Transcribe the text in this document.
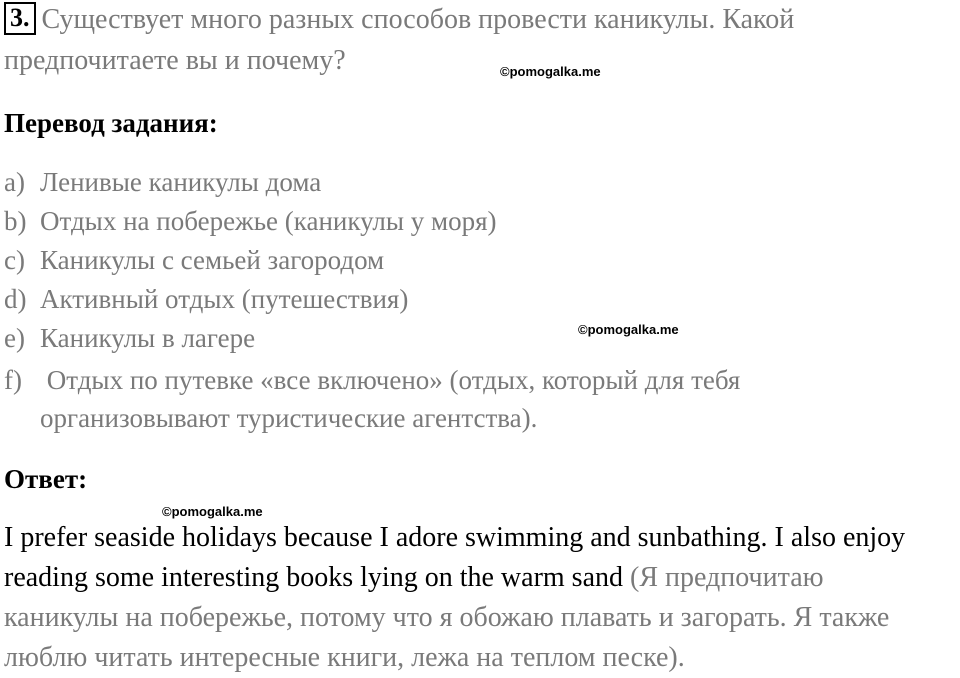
3. Существует много разных способов провести каникулы. Какой
предпочитаете вы и почему?	©pomogalka.me
Перевод задания:
a) Ленивые каникулы дома
b) Отдых на побережье (каникулы у моря)
c) Каникулы с семьей загородом
d) Активный отдых (путешествия)
e) Каникулы в лагере	©pomogalka.me
f) Отдых по путевке «все включено» (отдых, который для тебя
организовывают туристические агентства).
Ответ:
©pomogalka.me
I prefer seaside holidays because I adore swimming and sunbathing. I also enjoy
reading some interesting books lying on the warm sand (Я предпочитаю
каникулы на побережье, потому что я обожаю плавать и загорать. Я также
люблю читать интересные книги, лежа на теплом песке).
